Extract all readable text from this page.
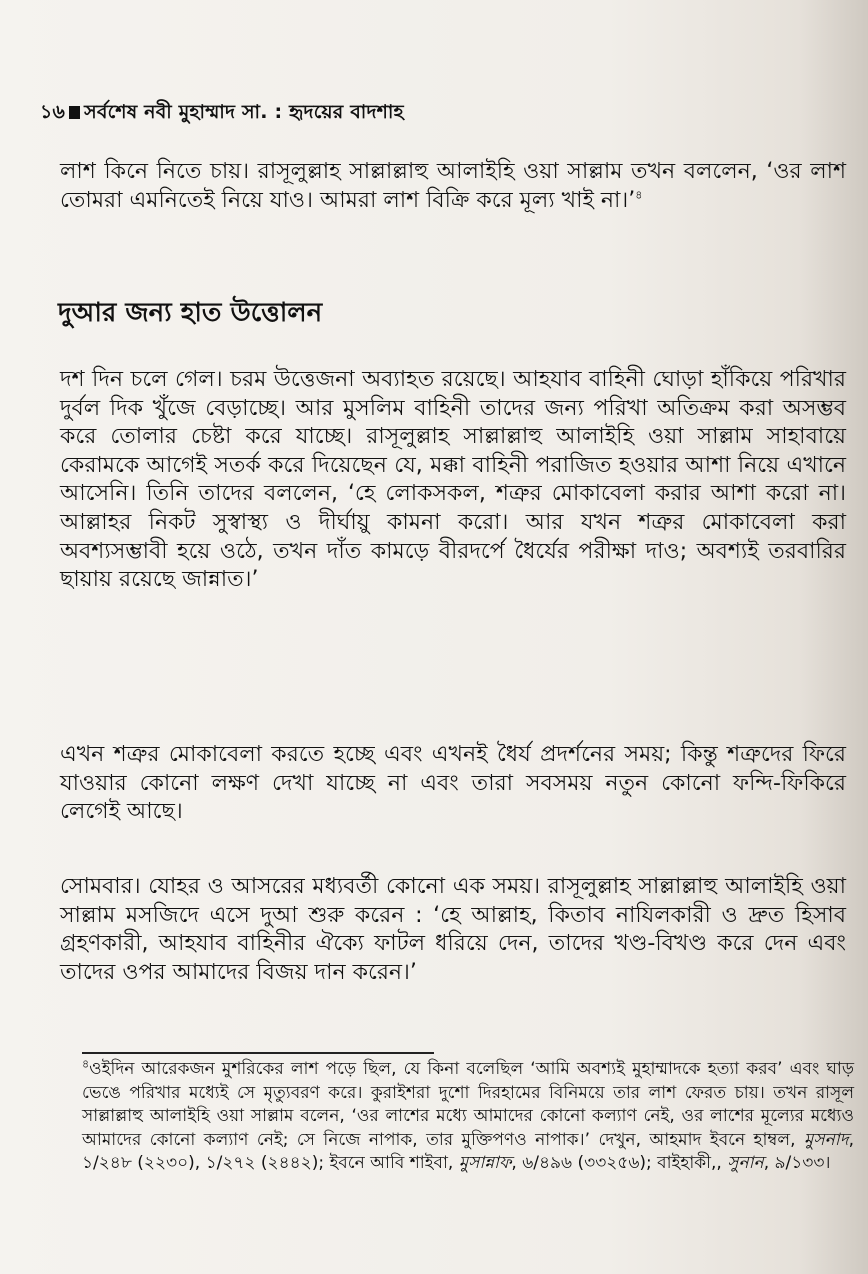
১৬ সর্বশেষ নবী মুহাম্মাদ সা. : হৃদয়ের বাদশাহ
লাশ কিনে নিতে চায়। রাসূলুল্লাহ সাল্লাল্লাহু আলাইহি ওয়া সাল্লাম তখন বললেন, ‘ওর লাশ তোমরা এমনিতেই নিয়ে যাও। আমরা লাশ বিক্রি করে মূল্য খাই না।’$^৪$
দুআর জন্য হাত উত্তোলন
দশ দিন চলে গেল। চরম উত্তেজনা অব্যাহত রয়েছে। আহযাব বাহিনী ঘোড়া হাঁকিয়ে পরিখার দুর্বল দিক খুঁজে বেড়াচ্ছে। আর মুসলিম বাহিনী তাদের জন্য পরিখা অতিক্রম করা অসম্ভব করে তোলার চেষ্টা করে যাচ্ছে। রাসূলুল্লাহ সাল্লাল্লাহু আলাইহি ওয়া সাল্লাম সাহাবায়ে কেরামকে আগেই সতর্ক করে দিয়েছেন যে, মক্কা বাহিনী পরাজিত হওয়ার আশা নিয়ে এখানে আসেনি। তিনি তাদের বললেন, ‘হে লোকসকল, শত্রুর মোকাবেলা করার আশা করো না। আল্লাহর নিকট সুস্বাস্থ্য ও দীর্ঘায়ু কামনা করো। আর যখন শত্রুর মোকাবেলা করা অবশ্যসম্ভাবী হয়ে ওঠে, তখন দাঁত কামড়ে বীরদর্পে ধৈর্যের পরীক্ষা দাও; অবশ্যই তরবারির ছায়ায় রয়েছে জান্নাত।’
এখন শত্রুর মোকাবেলা করতে হচ্ছে এবং এখনই ধৈর্য প্রদর্শনের সময়; কিন্তু শত্রুদের ফিরে যাওয়ার কোনো লক্ষণ দেখা যাচ্ছে না এবং তারা সবসময় নতুন কোনো ফন্দি-ফিকিরে লেগেই আছে।
সোমবার। যোহর ও আসরের মধ্যবর্তী কোনো এক সময়। রাসূলুল্লাহ সাল্লাল্লাহু আলাইহি ওয়া সাল্লাম মসজিদে এসে দুআ শুরু করেন : ‘হে আল্লাহ, কিতাব নাযিলকারী ও দ্রুত হিসাব গ্রহণকারী, আহযাব বাহিনীর ঐক্যে ফাটল ধরিয়ে দেন, তাদের খণ্ড-বিখণ্ড করে দেন এবং তাদের ওপর আমাদের বিজয় দান করেন।’
$^৪$ওইদিন আরেকজন মুশরিকের লাশ পড়ে ছিল, যে কিনা বলেছিল ‘আমি অবশ্যই মুহাম্মাদকে হত্যা করব’ এবং ঘাড় ভেঙে পরিখার মধ্যেই সে মৃত্যুবরণ করে। কুরাইশরা দুশো দিরহামের বিনিময়ে তার লাশ ফেরত চায়। তখন রাসূল সাল্লাল্লাহু আলাইহি ওয়া সাল্লাম বলেন, ‘ওর লাশের মধ্যে আমাদের কোনো কল্যাণ নেই, ওর লাশের মূল্যের মধ্যেও আমাদের কোনো কল্যাণ নেই; সে নিজে নাপাক, তার মুক্তিপণও নাপাক।’ দেখুন, আহমাদ ইবনে হাম্বল, মুসনাদ, ১/২৪৮ (২২৩০), ১/২৭২ (২৪৪২); ইবনে আবি শাইবা, মুসান্নাফ, ৬/৪৯৬ (৩৩২৫৬); বাইহাকী,, সুনান, ৯/১৩৩।
